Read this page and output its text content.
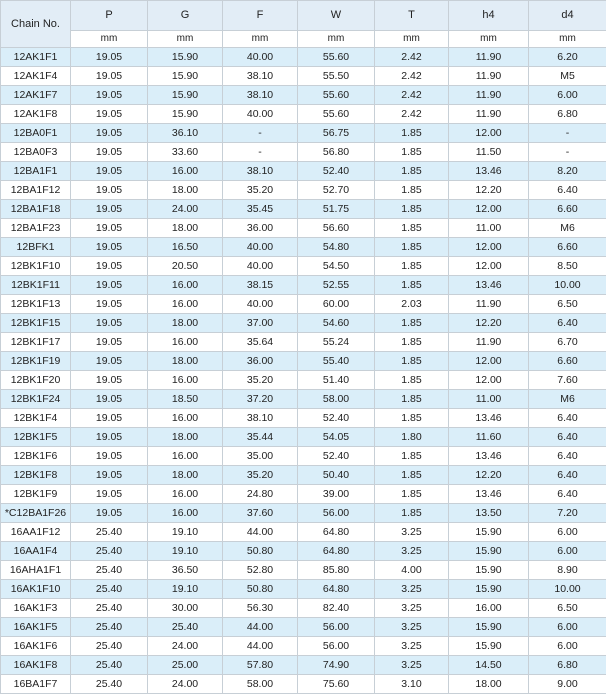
Chain No.	P	G	F	W	T	h4	d4
	mm	mm	mm	mm	mm	mm	mm
12AK1F1	19.05	15.90	40.00	55.60	2.42	11.90	6.20
12AK1F4	19.05	15.90	38.10	55.50	2.42	11.90	M5
12AK1F7	19.05	15.90	38.10	55.60	2.42	11.90	6.00
12AK1F8	19.05	15.90	40.00	55.60	2.42	11.90	6.80
12BA0F1	19.05	36.10	-	56.75	1.85	12.00	-
12BA0F3	19.05	33.60	-	56.80	1.85	11.50	-
12BA1F1	19.05	16.00	38.10	52.40	1.85	13.46	8.20
12BA1F12	19.05	18.00	35.20	52.70	1.85	12.20	6.40
12BA1F18	19.05	24.00	35.45	51.75	1.85	12.00	6.60
12BA1F23	19.05	18.00	36.00	56.60	1.85	11.00	M6
12BFK1	19.05	16.50	40.00	54.80	1.85	12.00	6.60
12BK1F10	19.05	20.50	40.00	54.50	1.85	12.00	8.50
12BK1F11	19.05	16.00	38.15	52.55	1.85	13.46	10.00
12BK1F13	19.05	16.00	40.00	60.00	2.03	11.90	6.50
12BK1F15	19.05	18.00	37.00	54.60	1.85	12.20	6.40
12BK1F17	19.05	16.00	35.64	55.24	1.85	11.90	6.70
12BK1F19	19.05	18.00	36.00	55.40	1.85	12.00	6.60
12BK1F20	19.05	16.00	35.20	51.40	1.85	12.00	7.60
12BK1F24	19.05	18.50	37.20	58.00	1.85	11.00	M6
12BK1F4	19.05	16.00	38.10	52.40	1.85	13.46	6.40
12BK1F5	19.05	18.00	35.44	54.05	1.80	11.60	6.40
12BK1F6	19.05	16.00	35.00	52.40	1.85	13.46	6.40
12BK1F8	19.05	18.00	35.20	50.40	1.85	12.20	6.40
12BK1F9	19.05	16.00	24.80	39.00	1.85	13.46	6.40
*C12BA1F26	19.05	16.00	37.60	56.00	1.85	13.50	7.20
16AA1F12	25.40	19.10	44.00	64.80	3.25	15.90	6.00
16AA1F4	25.40	19.10	50.80	64.80	3.25	15.90	6.00
16AHA1F1	25.40	36.50	52.80	85.80	4.00	15.90	8.90
16AK1F10	25.40	19.10	50.80	64.80	3.25	15.90	10.00
16AK1F3	25.40	30.00	56.30	82.40	3.25	16.00	6.50
16AK1F5	25.40	25.40	44.00	56.00	3.25	15.90	6.00
16AK1F6	25.40	24.00	44.00	56.00	3.25	15.90	6.00
16AK1F8	25.40	25.00	57.80	74.90	3.25	14.50	6.80
16BA1F7	25.40	24.00	58.00	75.60	3.10	18.00	9.00
